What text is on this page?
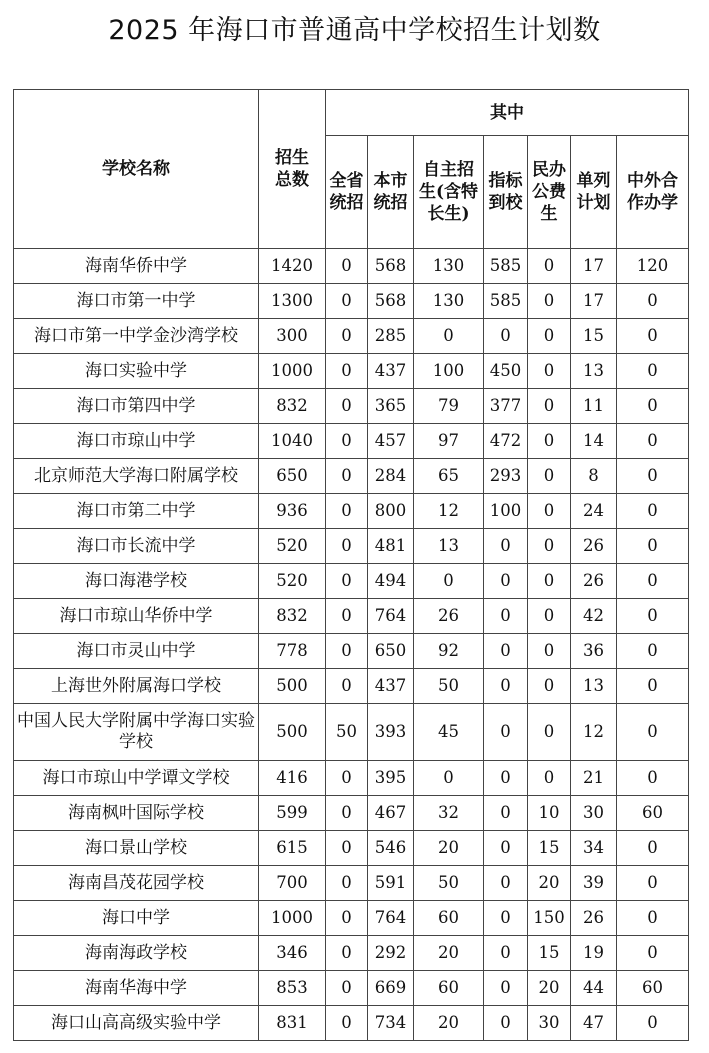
2025 年海口市普通高中学校招生计划数
学校名称	招生总数	其中						
		全省统招	本市统招	自主招生(含特长生)	指标到校	民办公费生	单列计划	中外合作办学
海南华侨中学	1420	0	568	130	585	0	17	120
海口市第一中学	1300	0	568	130	585	0	17	0
海口市第一中学金沙湾学校	300	0	285	0	0	0	15	0
海口实验中学	1000	0	437	100	450	0	13	0
海口市第四中学	832	0	365	79	377	0	11	0
海口市琼山中学	1040	0	457	97	472	0	14	0
北京师范大学海口附属学校	650	0	284	65	293	0	8	0
海口市第二中学	936	0	800	12	100	0	24	0
海口市长流中学	520	0	481	13	0	0	26	0
海口海港学校	520	0	494	0	0	0	26	0
海口市琼山华侨中学	832	0	764	26	0	0	42	0
海口市灵山中学	778	0	650	92	0	0	36	0
上海世外附属海口学校	500	0	437	50	0	0	13	0
中国人民大学附属中学海口实验学校	500	50	393	45	0	0	12	0
海口市琼山中学谭文学校	416	0	395	0	0	0	21	0
海南枫叶国际学校	599	0	467	32	0	10	30	60
海口景山学校	615	0	546	20	0	15	34	0
海南昌茂花园学校	700	0	591	50	0	20	39	0
海口中学	1000	0	764	60	0	150	26	0
海南海政学校	346	0	292	20	0	15	19	0
海南华海中学	853	0	669	60	0	20	44	60
海口山高高级实验中学	831	0	734	20	0	30	47	0
